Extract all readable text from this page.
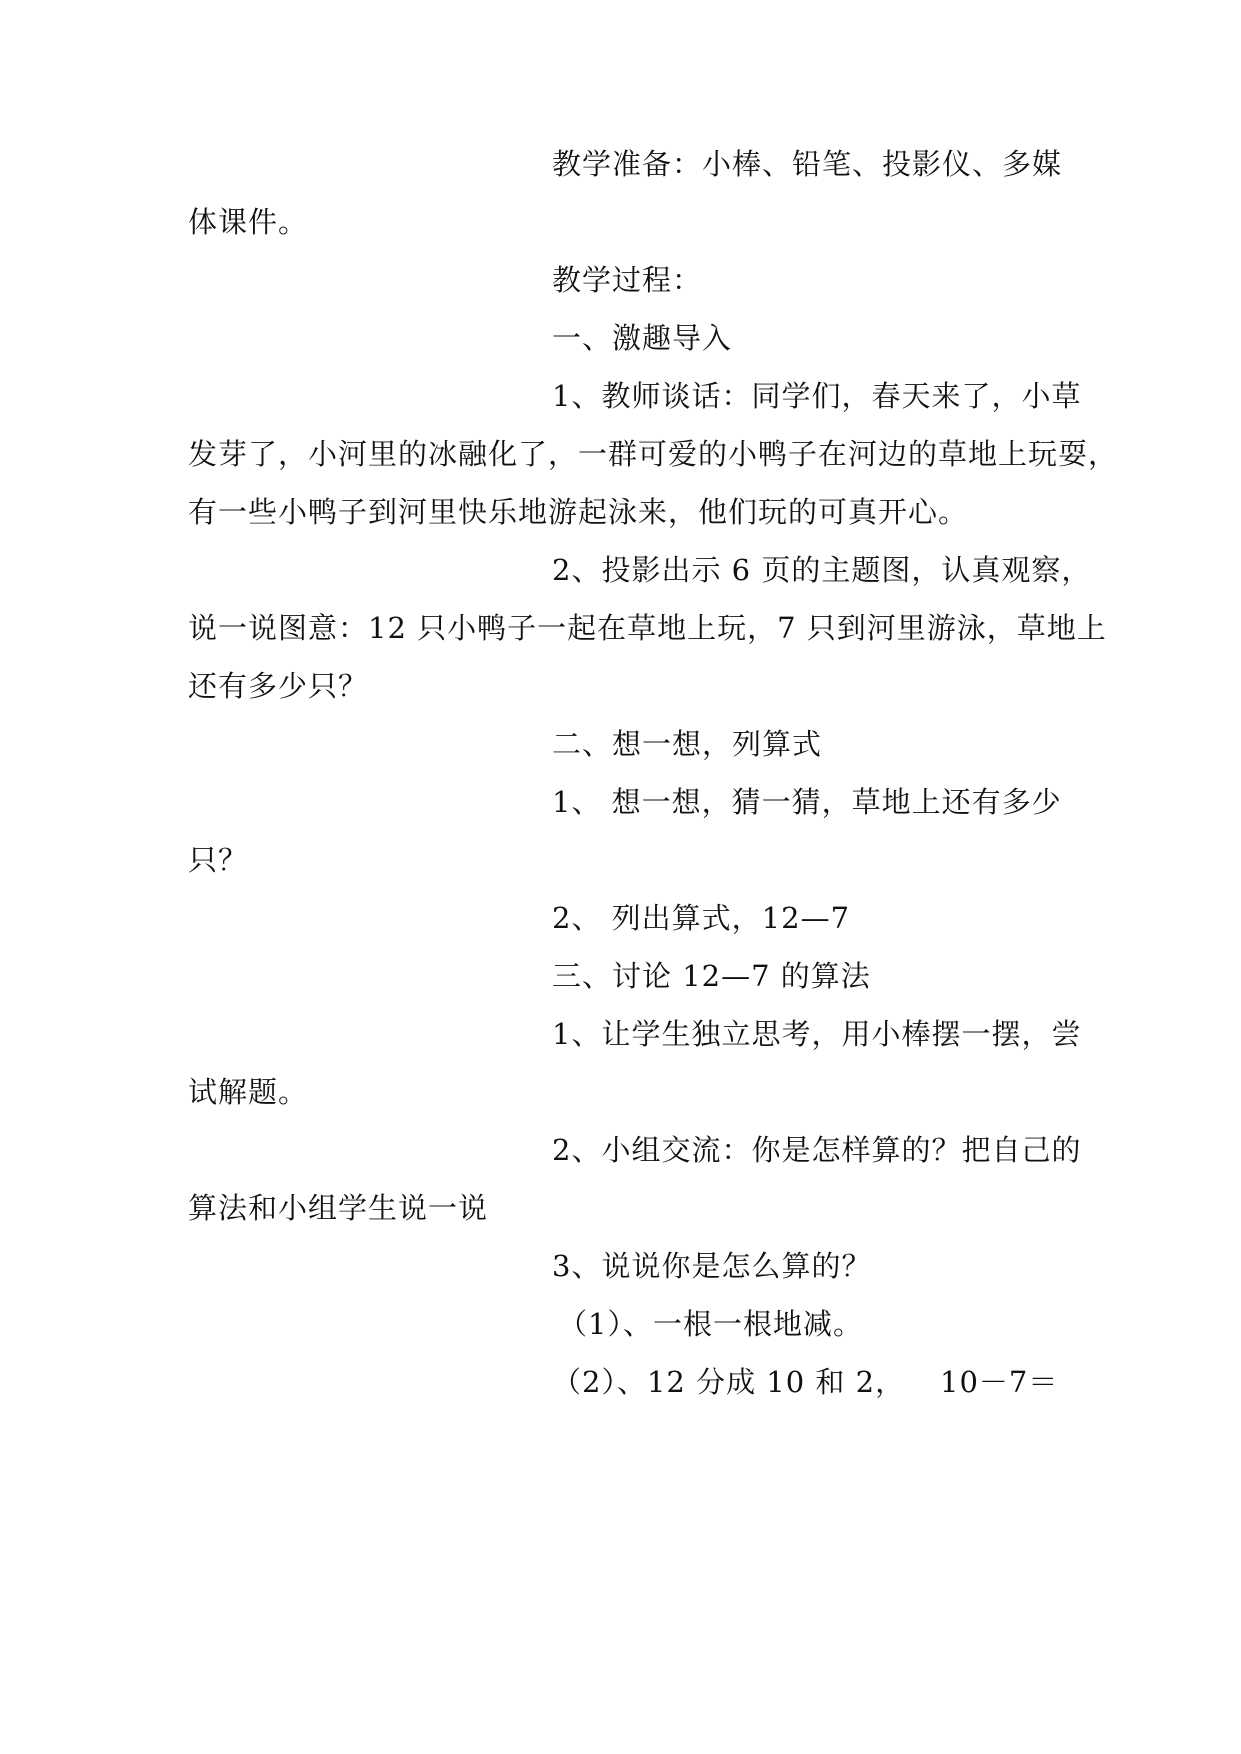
教学准备：小棒、铅笔、投影仪、多媒
体课件。
教学过程：
一、激趣导入
1、教师谈话：同学们，春天来了，小草
发芽了，小河里的冰融化了，一群可爱的小鸭子在河边的草地上玩耍，
有一些小鸭子到河里快乐地游起泳来，他们玩的可真开心。
2、投影出示 6 页的主题图，认真观察，
说一说图意：12 只小鸭子一起在草地上玩，7 只到河里游泳，草地上
还有多少只？
二、想一想，列算式
1、 想一想，猜一猜，草地上还有多少
只？
2、 列出算式，12—7
三、讨论 12—7 的算法
1、让学生独立思考，用小棒摆一摆，尝
试解题。
2、小组交流：你是怎样算的？把自己的
算法和小组学生说一说
3、说说你是怎么算的？
（1）、一根一根地减。
（2）、12 分成 10 和 2， 10－7＝
